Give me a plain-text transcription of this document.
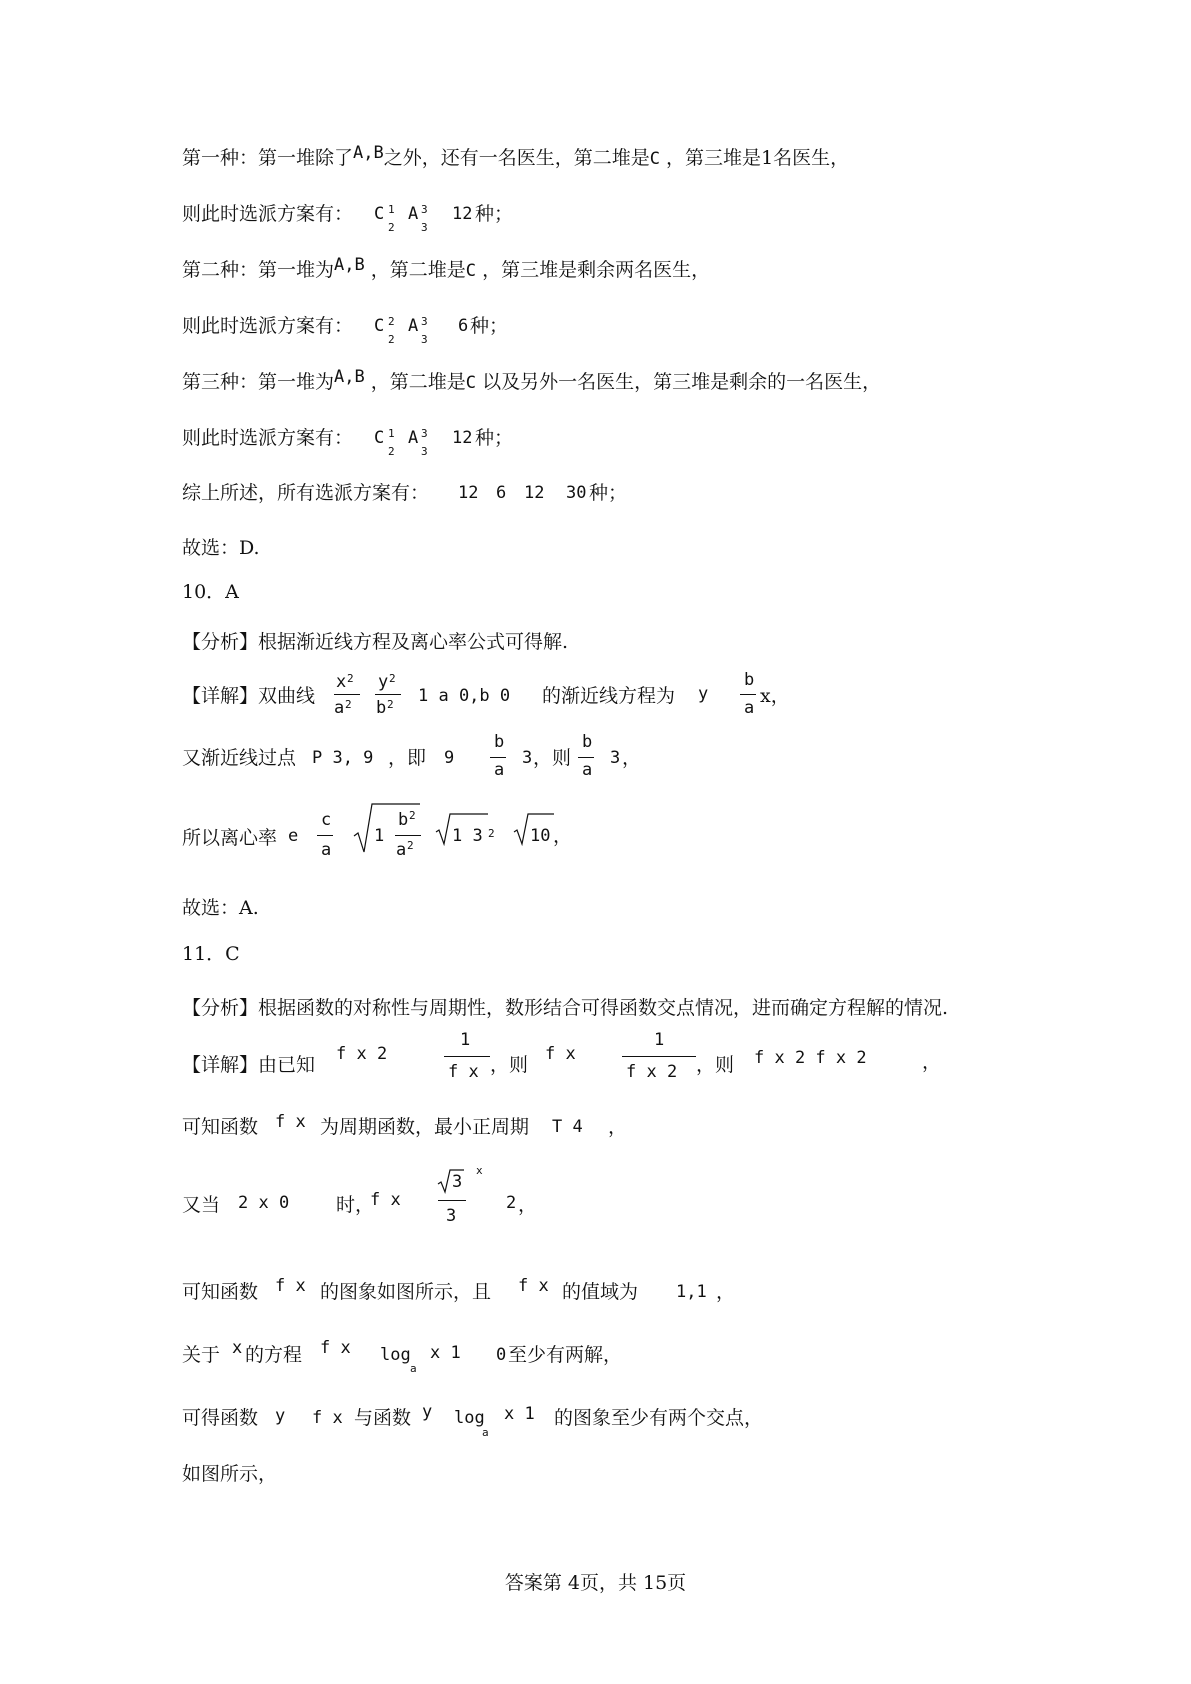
第一种：第一堆除了A,B之外，还有一名医生，第二堆是C ，第三堆是1名医生，
则此时选派方案有： C 1
2
A 3
3
12 种；
第二种：第一堆为A,B ，第二堆是C ，第三堆是剩余两名医生，
则此时选派方案有： C 2
2
A 3
3
6 种；
第三种：第一堆为A,B ，第二堆是C 以及另外一名医生，第三堆是剩余的一名医生，
则此时选派方案有： C 1
2
A 3
3
12 种；
综上所述，所有选派方案有： 12 6 12 30 种；
故选：D.
10．A
【分析】根据渐近线方程及离心率公式可得解.
【详解】双曲线
x 2
a 2
y 2
b 2 1 a 0,b 0 的渐近线方程为 y
b
a
x，
又渐近线过点 P 3, 9 ，即 9
b
a
3 ，则
b
a
3 ，
所以离心率 e
c
a
1
b 2
a 2 1 3 2 10 ，
故选：A.
11．C
【分析】根据函数的对称性与周期性，数形结合可得函数交点情况，进而确定方程解的情况.
【详解】由已知 f x 2
1
f x ，则 f x
1
f x 2 ，则 f x 2 f x 2	，
可知函数 f x 为周期函数，最小正周期 T 4 ，
又当 2 x 0 时，
f x
3
3
x
2 ，
可知函数 f x 的图象如图所示，且 f x 的值域为 1,1 ，
关于 x 的方程 f x log
a
x 1 0 至少有两解，
可得函数 y f x 与函数 y log
a
x 1 的图象至少有两个交点，
如图所示，
答案第 4页，共 15页
